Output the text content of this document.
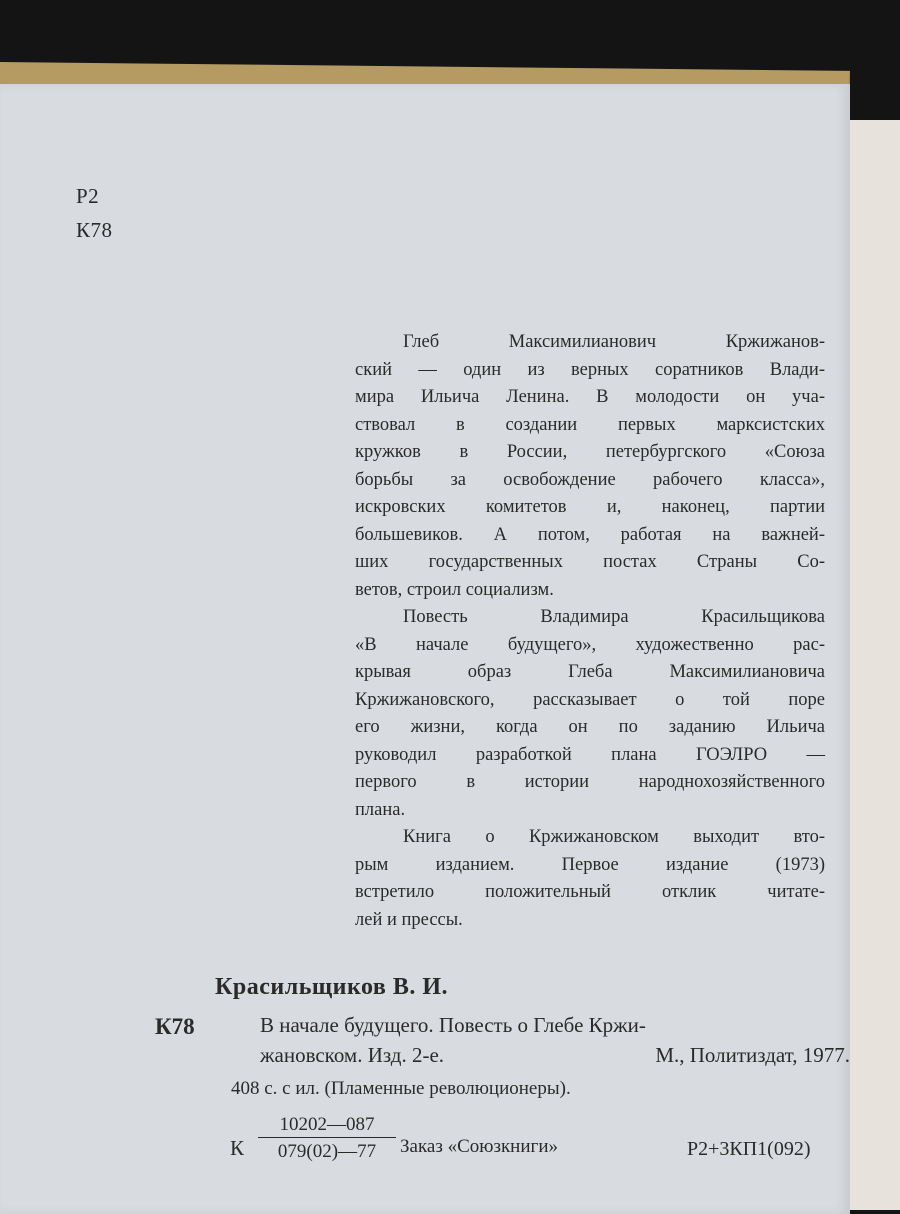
Р2
К78
Глеб Максимилианович Кржижанов-
ский — один из верных соратников Влади-
мира Ильича Ленина. В молодости он уча-
ствовал в создании первых марксистских
кружков в России, петербургского «Союза
борьбы за освобождение рабочего класса»,
искровских комитетов и, наконец, партии
большевиков. А потом, работая на важней-
ших государственных постах Страны Со-
ветов, строил социализм.
Повесть Владимира Красильщикова
«В начале будущего», художественно рас-
крывая образ Глеба Максимилиановича
Кржижановского, рассказывает о той поре
его жизни, когда он по заданию Ильича
руководил разработкой плана ГОЭЛРО —
первого в истории народнохозяйственного
плана.
Книга о Кржижановском выходит вто-
рым изданием. Первое издание (1973)
встретило положительный отклик читате-
лей и прессы.
Красильщиков В. И.
К78	В начале будущего. Повесть о Глебе Кржи-
жановском. Изд. 2-е.	М., Политиздат, 1977.
408 с. с ил. (Пламенные революционеры).
К $\frac{10202—087}{079(02)—77}$ Заказ «Союзкниги»	Р2+3КП1(092)
